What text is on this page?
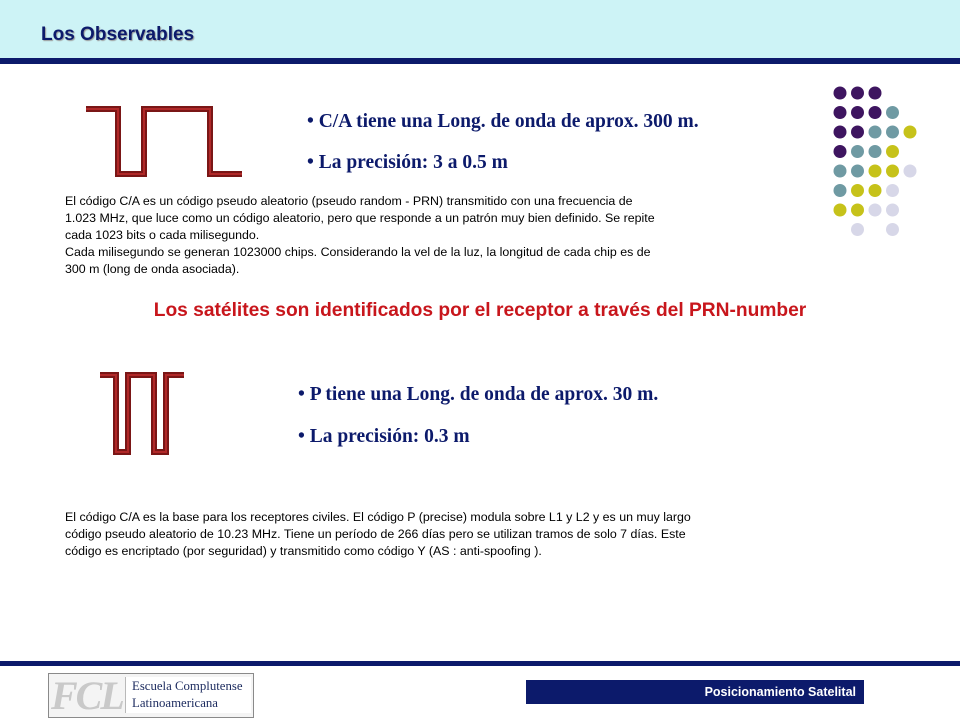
Los Observables
• C/A tiene una Long. de onda de aprox. 300 m.
• La precisión: 3 a 0.5 m
El código C/A es un código pseudo aleatorio (pseudo random - PRN) transmitido con una frecuencia de
1.023 MHz, que luce como un código aleatorio, pero que responde a un patrón muy bien definido. Se repite
cada 1023 bits o cada milisegundo.
Cada milisegundo se generan 1023000 chips. Considerando la vel de la luz, la longitud de cada chip es de
300 m (long de onda asociada).
Los satélites son identificados por el receptor a través del PRN-number
• P tiene una Long. de onda de aprox. 30 m.
• La precisión: 0.3 m
El código C/A es la base para los receptores civiles. El código P (precise) modula sobre L1 y L2 y es un muy largo
código pseudo aleatorio de 10.23 MHz. Tiene un período de 266 días pero se utilizan tramos de solo 7 días. Este
código es encriptado (por seguridad) y transmitido como código Y (AS : anti-spoofing ).
FCL Escuela Complutense
Latinoamericana
Posicionamiento Satelital
